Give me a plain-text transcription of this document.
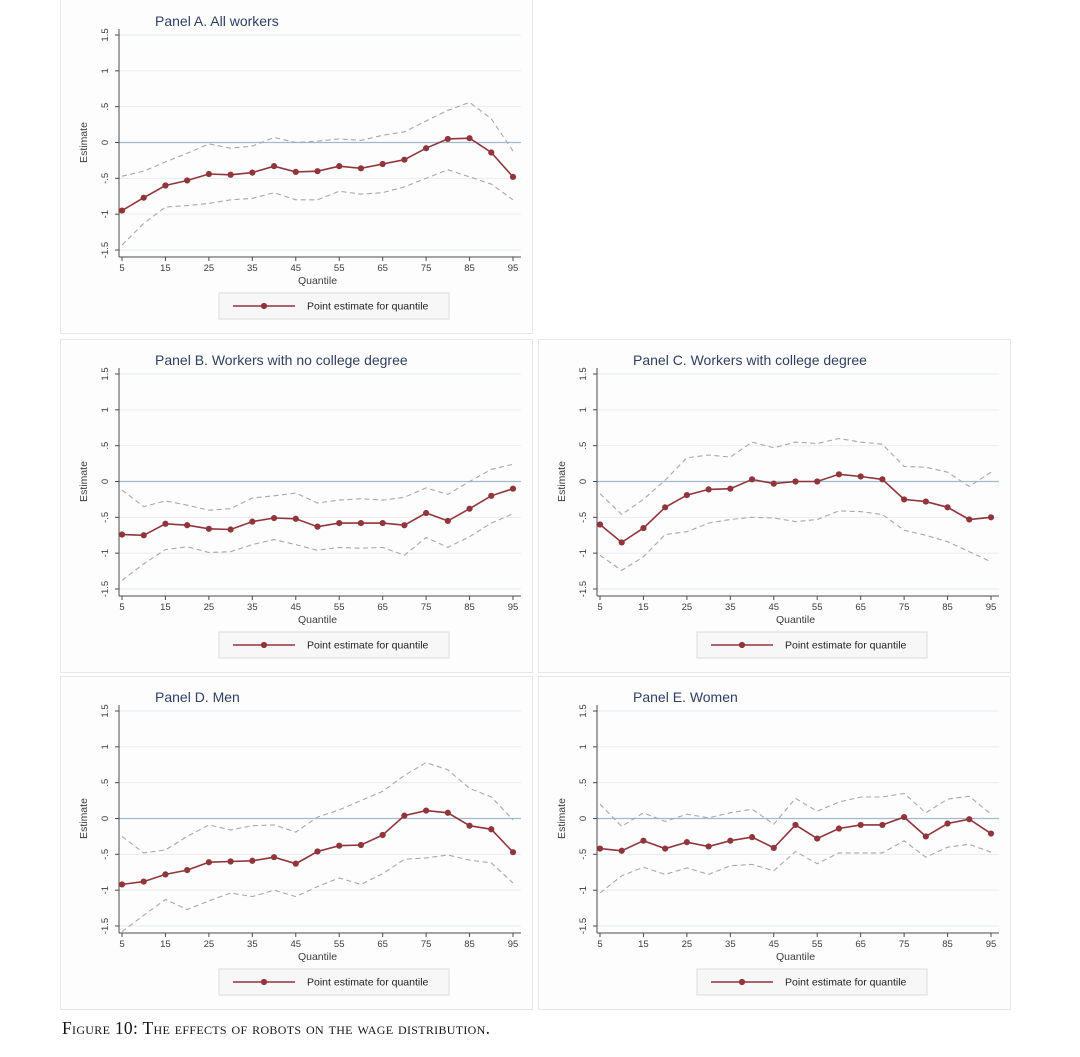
1.5
1
.5
0
-.5
-1
-1.5
5	15	25	35	45	55	65	75	85	95
Quantile
Estimate
Panel A. All workers
Point estimate for quantile
1.5
1
.5
0
-.5
-1
-1.5
5	15	25	35	45	55	65	75	85	95
Quantile
Estimate
Panel B. Workers with no college degree
Point estimate for quantile
1.5
1
.5
0
-.5
-1
-1.5
5	15	25	35	45	55	65	75	85	95
Quantile
Estimate
Panel C. Workers with college degree
Point estimate for quantile
1.5
1
.5
0
-.5
-1
-1.5
5	15	25	35	45	55	65	75	85	95
Quantile
Estimate
Panel D. Men
Point estimate for quantile
1.5
1
.5
0
-.5
-1
-1.5
5	15	25	35	45	55	65	75	85	95
Quantile
Estimate
Panel E. Women
Point estimate for quantile
Figure 10: The effects of robots on the wage distribution.
